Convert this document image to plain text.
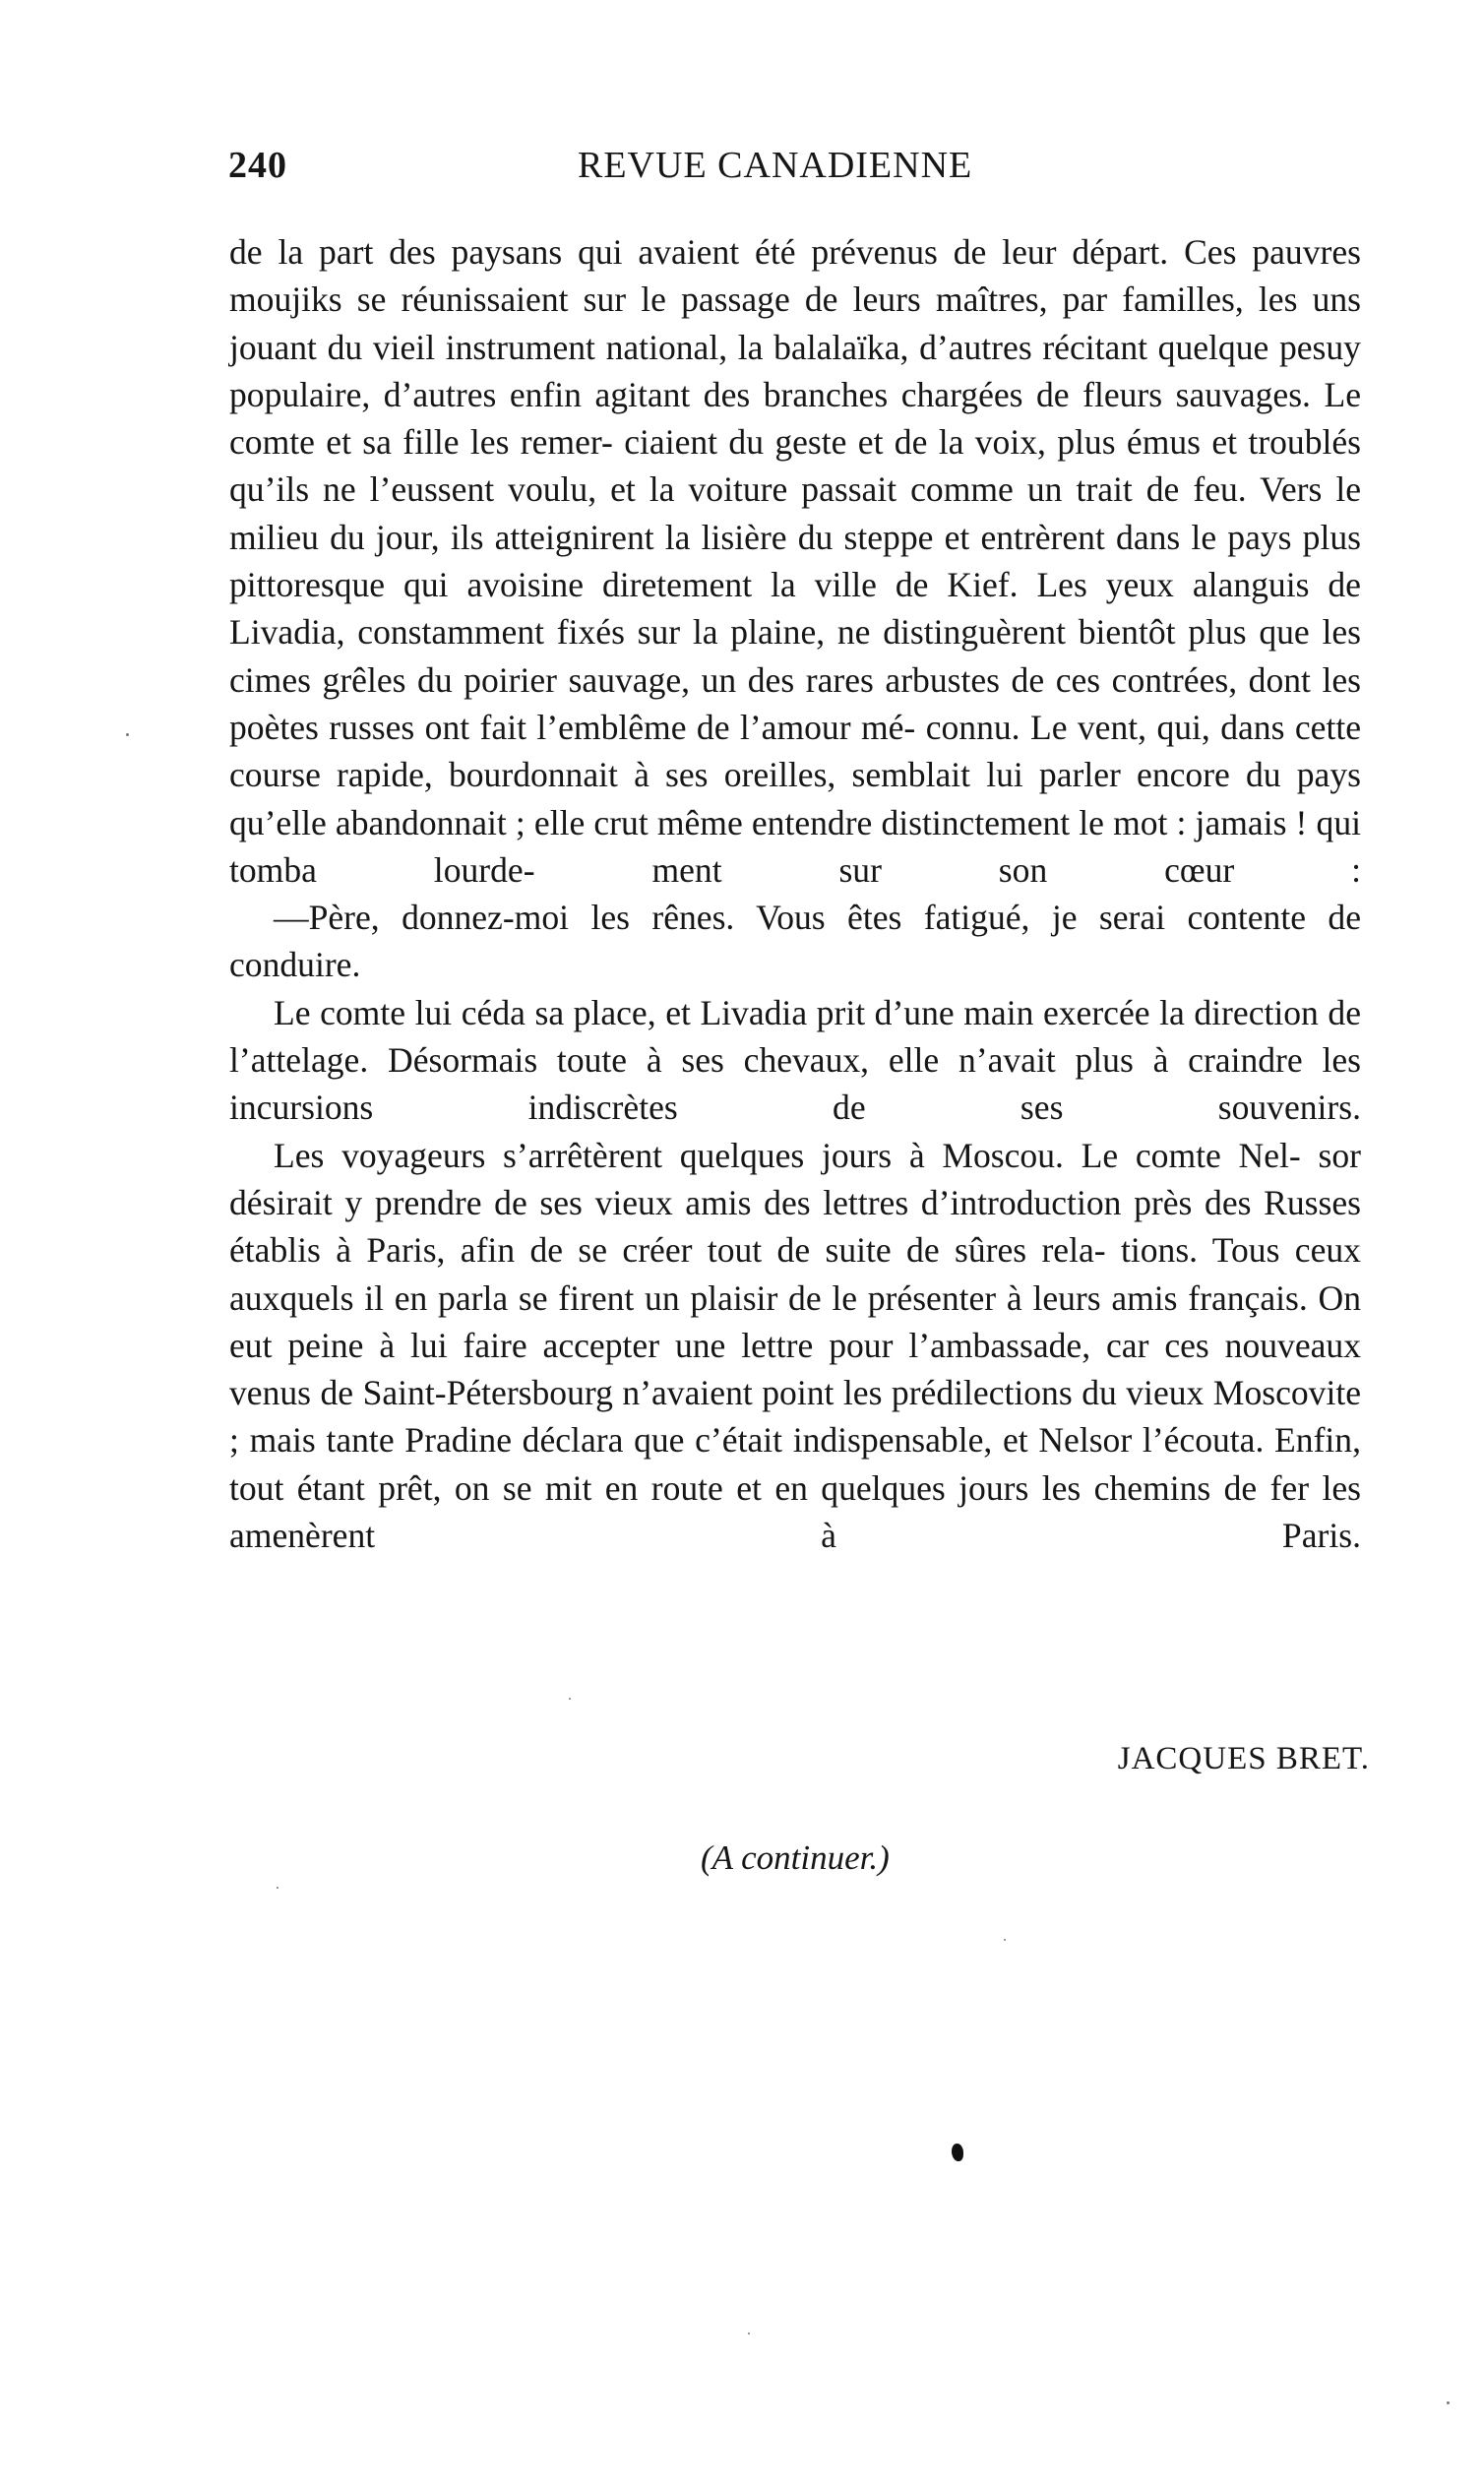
240	REVUE CANADIENNE

de la part des paysans qui avaient été prévenus de leur départ. Ces pauvres moujiks se réunissaient sur le passage de leurs maîtres, par familles, les uns jouant du vieil instrument national, la balalaïka, d’autres récitant quelque pesuy populaire, d’autres enfin agitant des branches chargées de fleurs sauvages. Le comte et sa fille les remer- ciaient du geste et de la voix, plus émus et troublés qu’ils ne l’eussent voulu, et la voiture passait comme un trait de feu. Vers le milieu du jour, ils atteignirent la lisière du steppe et entrèrent dans le pays plus pittoresque qui avoisine diretement la ville de Kief. Les yeux alanguis de Livadia, constamment fixés sur la plaine, ne distinguèrent bientôt plus que les cimes grêles du poirier sauvage, un des rares arbustes de ces contrées, dont les poètes russes ont fait l’emblême de l’amour mé- connu. Le vent, qui, dans cette course rapide, bourdonnait à ses oreilles, semblait lui parler encore du pays qu’elle abandonnait ; elle crut même entendre distinctement le mot : jamais ! qui tomba lourde-	ment sur son cœur :

—Père, donnez-moi les rênes. Vous êtes fatigué, je serai contente de conduire.

Le comte lui céda sa place, et Livadia prit d’une main exercée la direction de l’attelage. Désormais toute à ses chevaux, elle n’avait plus à craindre les incursions indiscrètes de ses souvenirs.

Les voyageurs s’arrêtèrent quelques jours à Moscou. Le comte Nel- sor désirait y prendre de ses vieux amis des lettres d’introduction près des Russes établis à Paris, afin de se créer tout de suite de sûres rela- tions. Tous ceux auxquels il en parla se firent un plaisir de le présenter à leurs amis français. On eut peine à lui faire accepter une lettre pour l’ambassade, car ces nouveaux venus de Saint-Pétersbourg n’avaient point les prédilections du vieux Moscovite ; mais tante Pradine déclara que c’était indispensable, et Nelsor l’écouta. Enfin, tout étant prêt, on se mit en route et en quelques jours les chemins de fer les amenèrent	à Paris.

JACQUES BRET.
(A continuer.)
